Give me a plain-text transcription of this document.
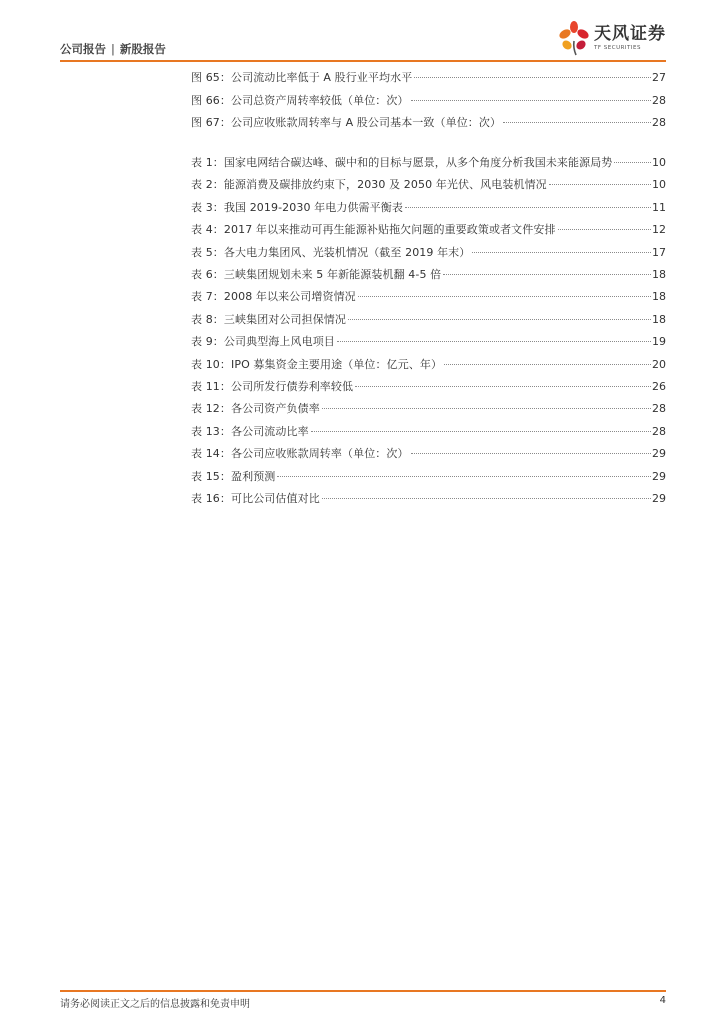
公司报告 | 新股报告
天风证券
TF SECURITIES
图 65：公司流动比率低于 A 股行业平均水平	27
图 66：公司总资产周转率较低（单位：次）	28
图 67：公司应收账款周转率与 A 股公司基本一致（单位：次）	28
表 1：国家电网结合碳达峰、碳中和的目标与愿景，从多个角度分析我国未来能源局势	10
表 2：能源消费及碳排放约束下，2030 及 2050 年光伏、风电装机情况	10
表 3：我国 2019-2030 年电力供需平衡表	11
表 4：2017 年以来推动可再生能源补贴拖欠问题的重要政策或者文件安排	12
表 5：各大电力集团风、光装机情况（截至 2019 年末）	17
表 6：三峡集团规划未来 5 年新能源装机翻 4-5 倍	18
表 7：2008 年以来公司增资情况	18
表 8：三峡集团对公司担保情况	18
表 9：公司典型海上风电项目	19
表 10：IPO 募集资金主要用途（单位：亿元、年）	20
表 11：公司所发行债券利率较低	26
表 12：各公司资产负债率	28
表 13：各公司流动比率	28
表 14：各公司应收账款周转率（单位：次）	29
表 15：盈利预测	29
表 16：可比公司估值对比	29
请务必阅读正文之后的信息披露和免责申明	4
